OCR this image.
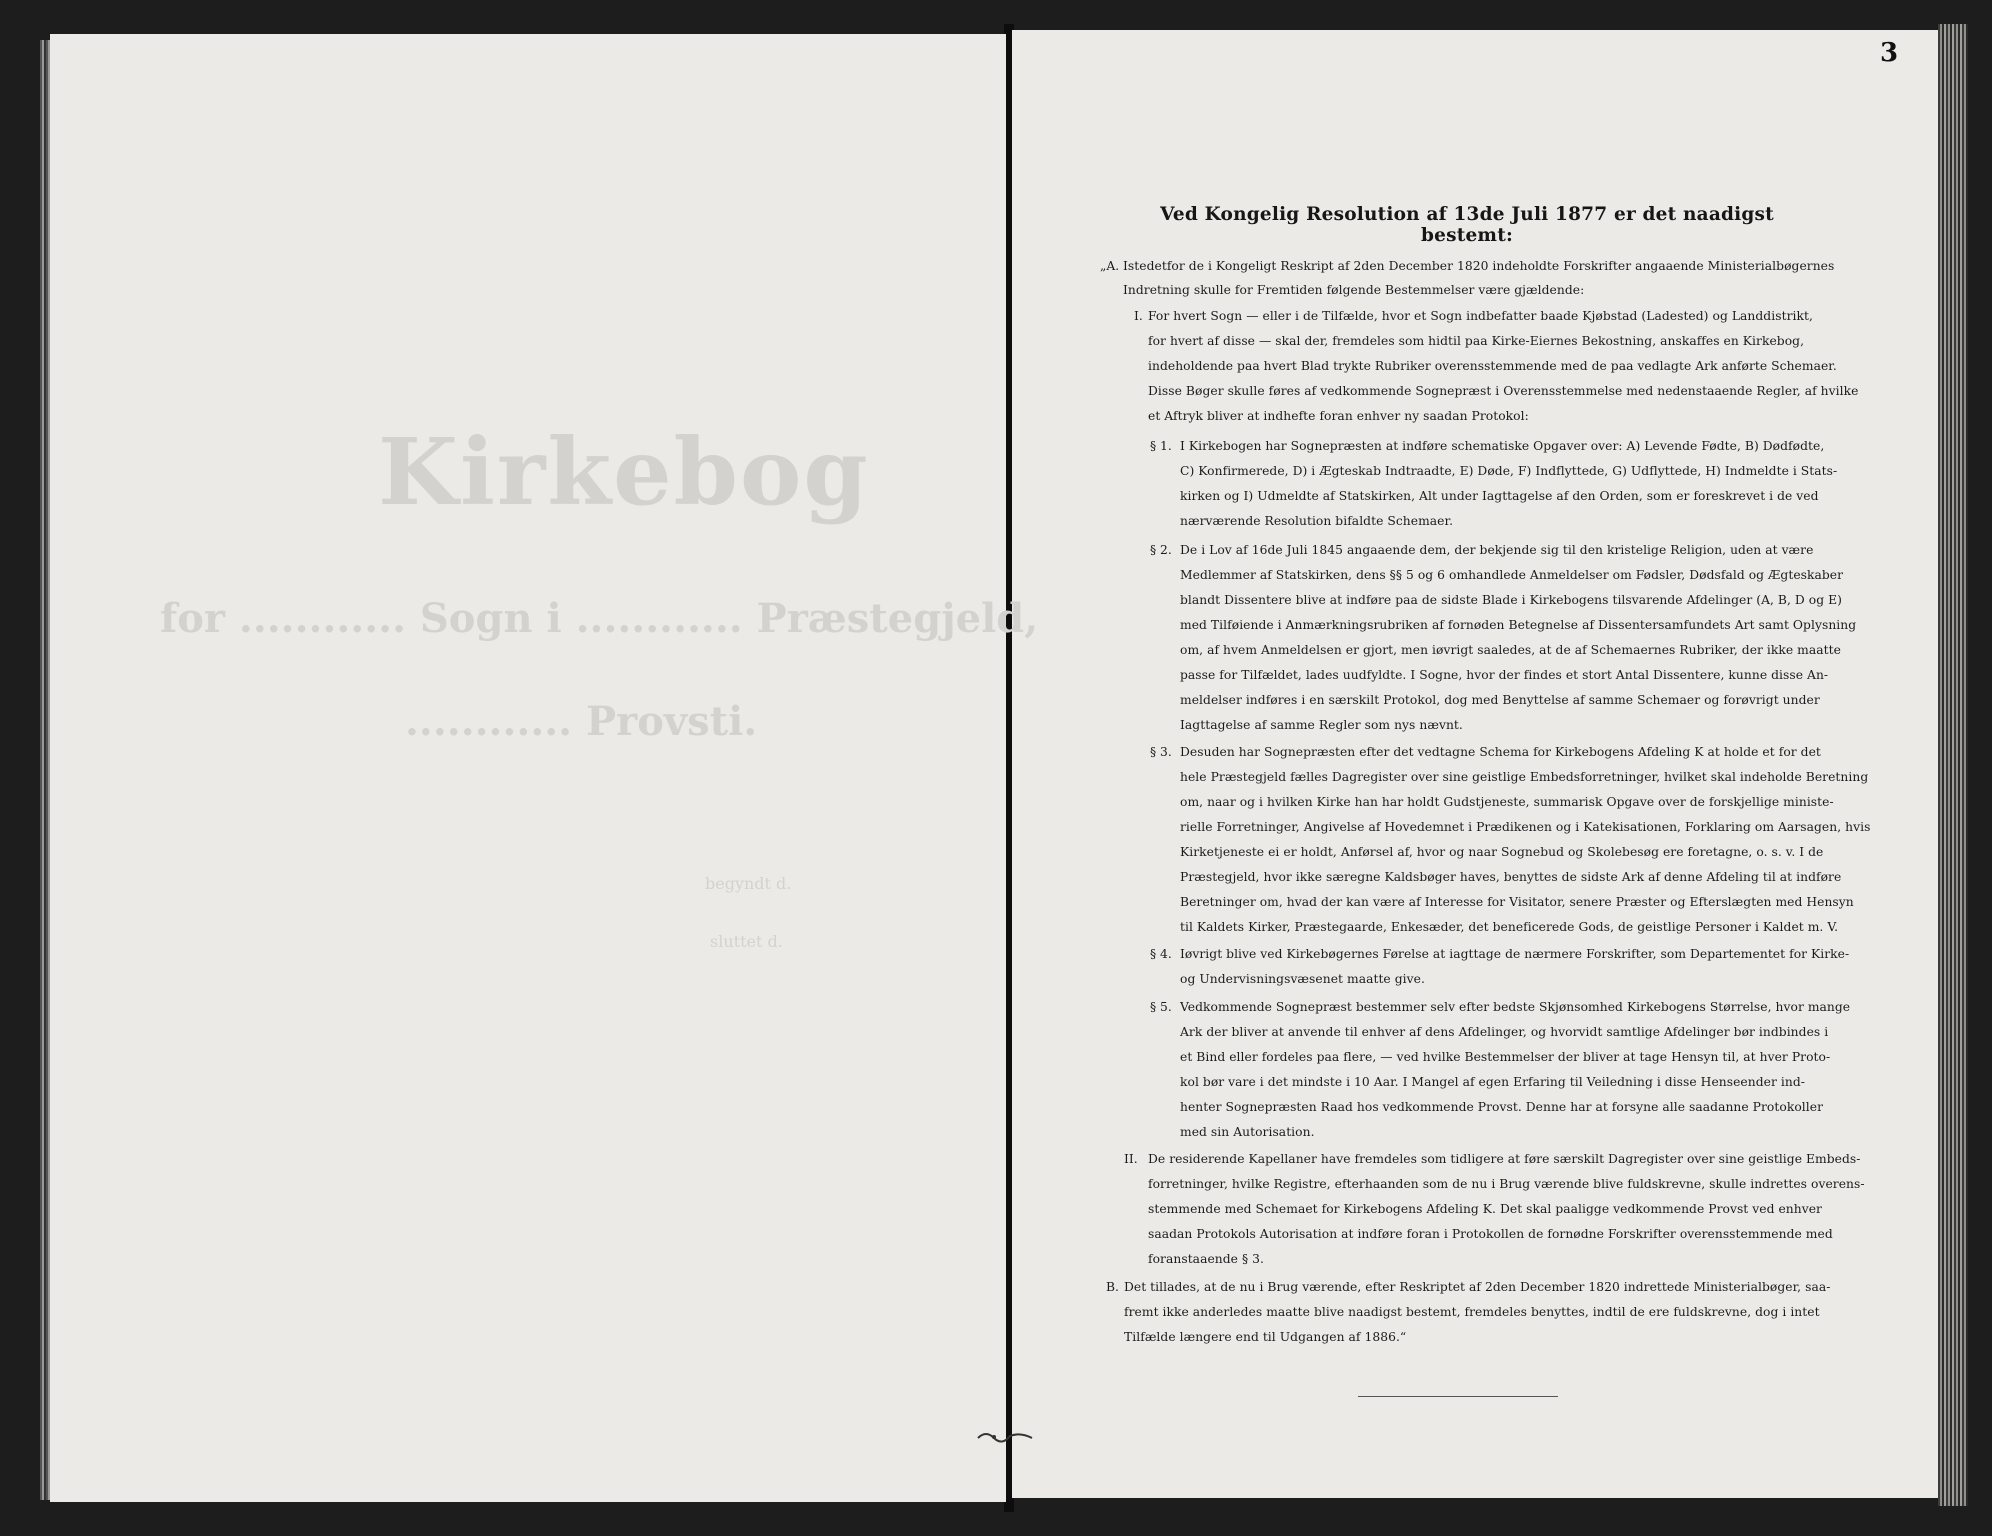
Kirkebog
for ............ Sogn i ............ Præstegjeld,
............ Provsti.
begyndt d.
sluttet d.
3
Ved Kongelig Resolution af 13de Juli 1877 er det naadigst bestemt:
„A. Istedetfor de i Kongeligt Reskript af 2den December 1820 indeholdte Forskrifter angaaende Ministerialbøgernes
Indretning skulle for Fremtiden følgende Bestemmelser være gjældende:
I. For hvert Sogn — eller i de Tilfælde, hvor et Sogn indbefatter baade Kjøbstad (Ladested) og Landdistrikt,
for hvert af disse — skal der, fremdeles som hidtil paa Kirke-Eiernes Bekostning, anskaffes en Kirkebog,
indeholdende paa hvert Blad trykte Rubriker overensstemmende med de paa vedlagte Ark anførte Schemaer.
Disse Bøger skulle føres af vedkommende Sognepræst i Overensstemmelse med nedenstaaende Regler, af hvilke
et Aftryk bliver at indhefte foran enhver ny saadan Protokol:
§ 1. I Kirkebogen har Sognepræsten at indføre schematiske Opgaver over: A) Levende Fødte, B) Dødfødte,
C) Konfirmerede, D) i Ægteskab Indtraadte, E) Døde, F) Indflyttede, G) Udflyttede, H) Indmeldte i Stats-
kirken og I) Udmeldte af Statskirken, Alt under Iagttagelse af den Orden, som er foreskrevet i de ved
nærværende Resolution bifaldte Schemaer.
§ 2. De i Lov af 16de Juli 1845 angaaende dem, der bekjende sig til den kristelige Religion, uden at være
Medlemmer af Statskirken, dens §§ 5 og 6 omhandlede Anmeldelser om Fødsler, Dødsfald og Ægteskaber
blandt Dissentere blive at indføre paa de sidste Blade i Kirkebogens tilsvarende Afdelinger (A, B, D og E)
med Tilføiende i Anmærkningsrubriken af fornøden Betegnelse af Dissentersamfundets Art samt Oplysning
om, af hvem Anmeldelsen er gjort, men iøvrigt saaledes, at de af Schemaernes Rubriker, der ikke maatte
passe for Tilfældet, lades uudfyldte. I Sogne, hvor der findes et stort Antal Dissentere, kunne disse An-
meldelser indføres i en særskilt Protokol, dog med Benyttelse af samme Schemaer og forøvrigt under
Iagttagelse af samme Regler som nys nævnt.
§ 3. Desuden har Sognepræsten efter det vedtagne Schema for Kirkebogens Afdeling K at holde et for det
hele Præstegjeld fælles Dagregister over sine geistlige Embedsforretninger, hvilket skal indeholde Beretning
om, naar og i hvilken Kirke han har holdt Gudstjeneste, summarisk Opgave over de forskjellige ministe-
rielle Forretninger, Angivelse af Hovedemnet i Prædikenen og i Katekisationen, Forklaring om Aarsagen, hvis
Kirketjeneste ei er holdt, Anførsel af, hvor og naar Sognebud og Skolebesøg ere foretagne, o. s. v. I de
Præstegjeld, hvor ikke særegne Kaldsbøger haves, benyttes de sidste Ark af denne Afdeling til at indføre
Beretninger om, hvad der kan være af Interesse for Visitator, senere Præster og Efterslægten med Hensyn
til Kaldets Kirker, Præstegaarde, Enkesæder, det beneficerede Gods, de geistlige Personer i Kaldet m. V.
§ 4. Iøvrigt blive ved Kirkebøgernes Førelse at iagttage de nærmere Forskrifter, som Departementet for Kirke-
og Undervisningsvæsenet maatte give.
§ 5. Vedkommende Sognepræst bestemmer selv efter bedste Skjønsomhed Kirkebogens Størrelse, hvor mange
Ark der bliver at anvende til enhver af dens Afdelinger, og hvorvidt samtlige Afdelinger bør indbindes i
et Bind eller fordeles paa flere, — ved hvilke Bestemmelser der bliver at tage Hensyn til, at hver Proto-
kol bør vare i det mindste i 10 Aar. I Mangel af egen Erfaring til Veiledning i disse Henseender ind-
henter Sognepræsten Raad hos vedkommende Provst. Denne har at forsyne alle saadanne Protokoller
med sin Autorisation.
II. De residerende Kapellaner have fremdeles som tidligere at føre særskilt Dagregister over sine geistlige Embeds-
forretninger, hvilke Registre, efterhaanden som de nu i Brug værende blive fuldskrevne, skulle indrettes overens-
stemmende med Schemaet for Kirkebogens Afdeling K. Det skal paaligge vedkommende Provst ved enhver
saadan Protokols Autorisation at indføre foran i Protokollen de fornødne Forskrifter overensstemmende med
foranstaaende § 3.
B. Det tillades, at de nu i Brug værende, efter Reskriptet af 2den December 1820 indrettede Ministerialbøger, saa-
fremt ikke anderledes maatte blive naadigst bestemt, fremdeles benyttes, indtil de ere fuldskrevne, dog i intet
Tilfælde længere end til Udgangen af 1886.“
